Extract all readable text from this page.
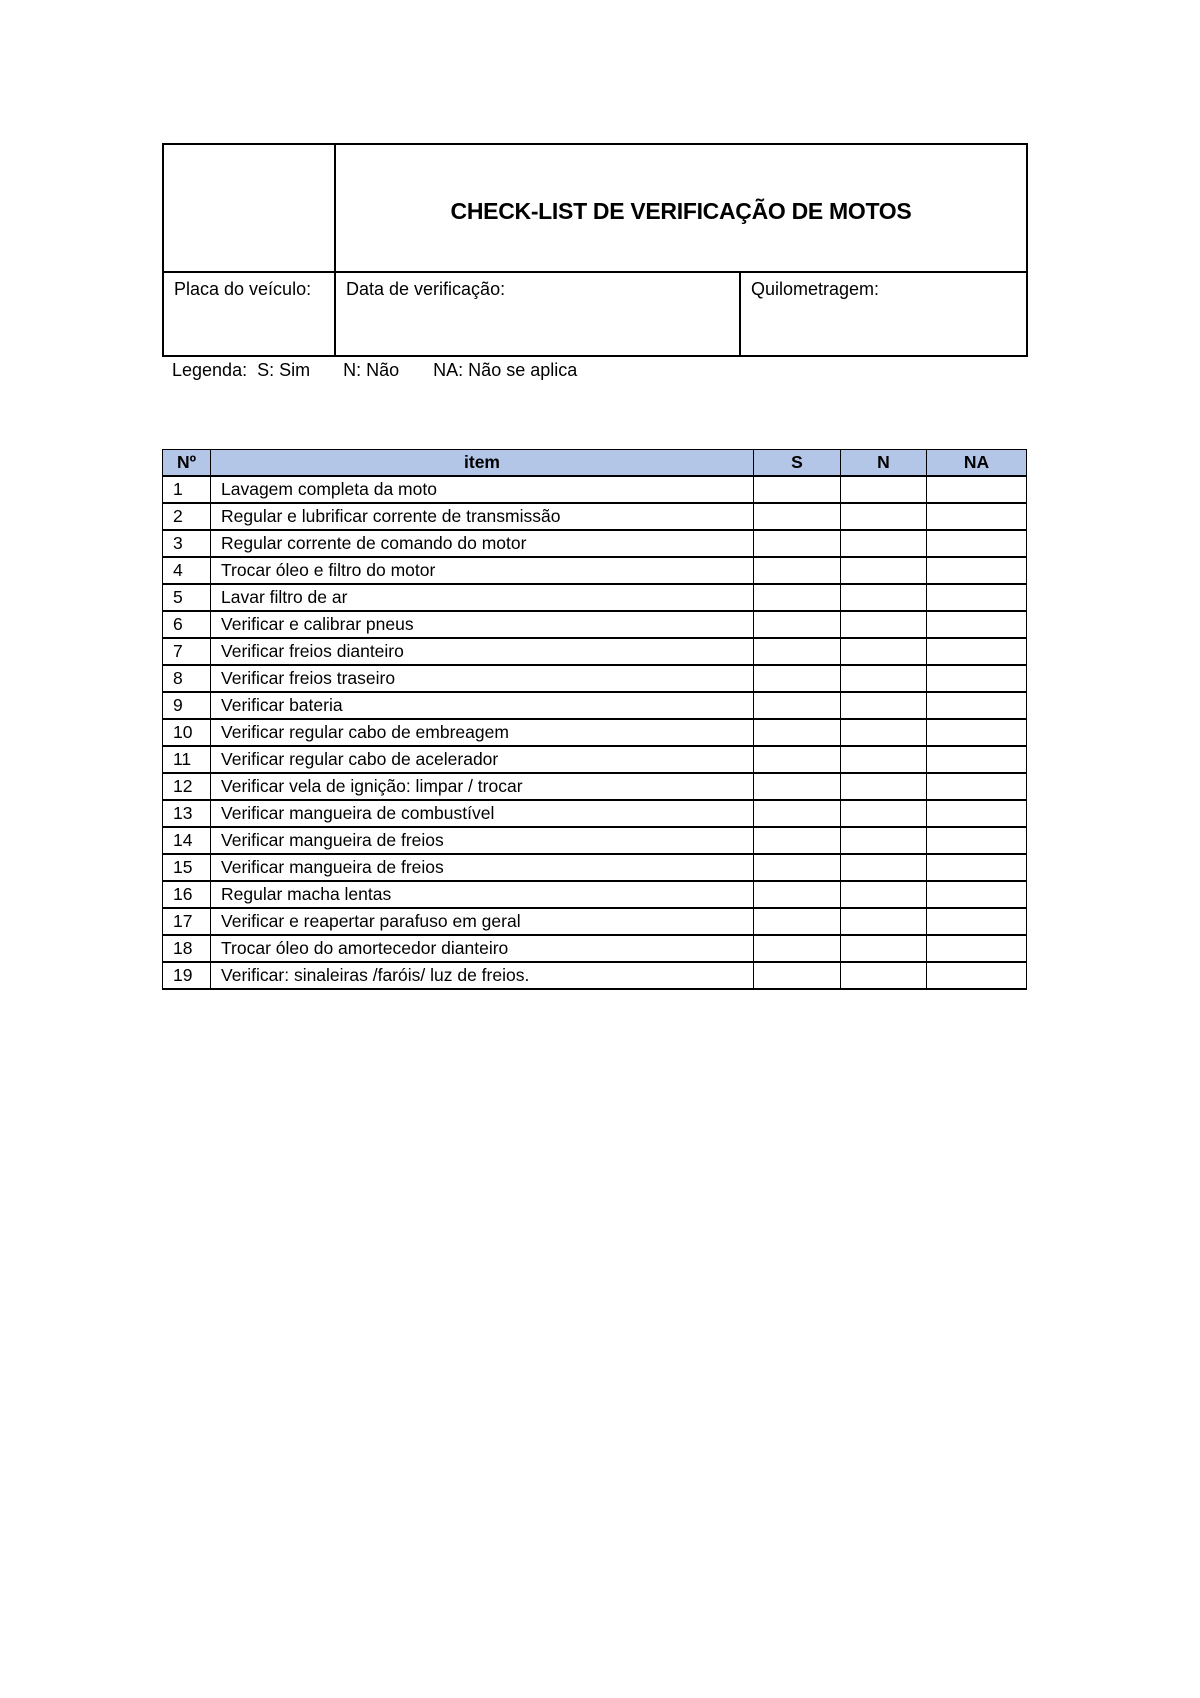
	CHECK-LIST DE VERIFICAÇÃO DE MOTOS	
Placa do veículo:	Data de verificação:	Quilometragem:
Legenda: S: Sim N: Não NA: Não se aplica
Nº	item	S	N	NA
1	Lavagem completa da moto			
2	Regular e lubrificar corrente de transmissão			
3	Regular corrente de comando do motor			
4	Trocar óleo e filtro do motor			
5	Lavar filtro de ar			
6	Verificar e calibrar pneus			
7	Verificar freios dianteiro			
8	Verificar freios traseiro			
9	Verificar bateria			
10	Verificar regular cabo de embreagem			
11	Verificar regular cabo de acelerador			
12	Verificar vela de ignição: limpar / trocar			
13	Verificar mangueira de combustível			
14	Verificar mangueira de freios			
15	Verificar mangueira de freios			
16	Regular macha lentas			
17	Verificar e reapertar parafuso em geral			
18	Trocar óleo do amortecedor dianteiro			
19	Verificar: sinaleiras /faróis/ luz de freios.			
